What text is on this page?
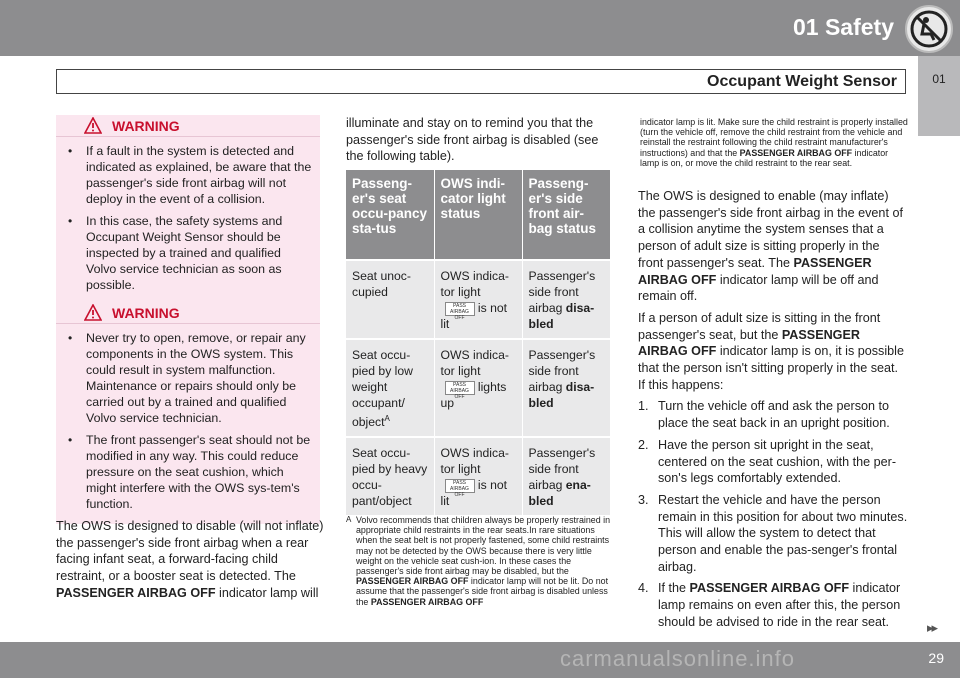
01 Safety
01
Occupant Weight Sensor
WARNING
• If a fault in the system is detected and indicated as explained, be aware that the passenger's side front airbag will not deploy in the event of a collision.
• In this case, the safety systems and Occupant Weight Sensor should be inspected by a trained and qualified Volvo service technician as soon as possible.
WARNING
• Never try to open, remove, or repair any components in the OWS system. This could result in system malfunction. Maintenance or repairs should only be carried out by a trained and qualified Volvo service technician.
• The front passenger's seat should not be modified in any way. This could reduce pressure on the seat cushion, which might interfere with the OWS sys-tem's function.
The OWS is designed to disable (will not inflate) the passenger's side front airbag when a rear facing infant seat, a forward-facing child restraint, or a booster seat is detected. The PASSENGER AIRBAG OFF indicator lamp will
illuminate and stay on to remind you that the passenger's side front airbag is disabled (see the following table).
Passeng-er's seat occu-pancy sta-tus	OWS indi-cator light status	Passeng-er's side front air-bag status
Seat unoc-cupied	OWS indica-tor light PASS AIRBAG OFF is not lit	Passenger's side front airbag disa-bled
Seat occu-pied by low weight occupant/ object$^A$	OWS indica-tor light PASS AIRBAG OFF lights up	Passenger's side front airbag disa-bled
Seat occu-pied by heavy occu-pant/object	OWS indica-tor light PASS AIRBAG OFF is not lit	Passenger's side front airbag ena-bled
A Volvo recommends that children always be properly restrained in appropriate child restraints in the rear seats.In rare situations when the seat belt is not properly fastened, some child restraints may not be detected by the OWS because there is very little weight on the vehicle seat cush-ion. In these cases the passenger's side front airbag may be disabled, but the PASSENGER AIRBAG OFF indicator lamp will not be lit. Do not assume that the passenger's side front airbag is disabled unless the PASSENGER AIRBAG OFF
indicator lamp is lit. Make sure the child restraint is properly installed (turn the vehicle off, remove the child restraint from the vehicle and reinstall the restraint following the child restraint manufacturer's instructions) and that the PASSENGER AIRBAG OFF indicator lamp is on, or move the child restraint to the rear seat.

The OWS is designed to enable (may inflate) the passenger's side front airbag in the event of a collision anytime the system senses that a person of adult size is sitting properly in the front passenger's seat. The PASSENGER AIRBAG OFF indicator lamp will be off and remain off.

If a person of adult size is sitting in the front passenger's seat, but the PASSENGER AIRBAG OFF indicator lamp is on, it is possible that the person isn't sitting properly in the seat. If this happens:

1. Turn the vehicle off and ask the person to place the seat back in an upright position.
2. Have the person sit upright in the seat, centered on the seat cushion, with the per-son's legs comfortably extended.
3. Restart the vehicle and have the person remain in this position for about two minutes. This will allow the system to detect that person and enable the pas-senger's frontal airbag.
4. If the PASSENGER AIRBAG OFF indicator lamp remains on even after this, the person should be advised to ride in the rear seat.	▸▸
carmanualsonline.info	29
